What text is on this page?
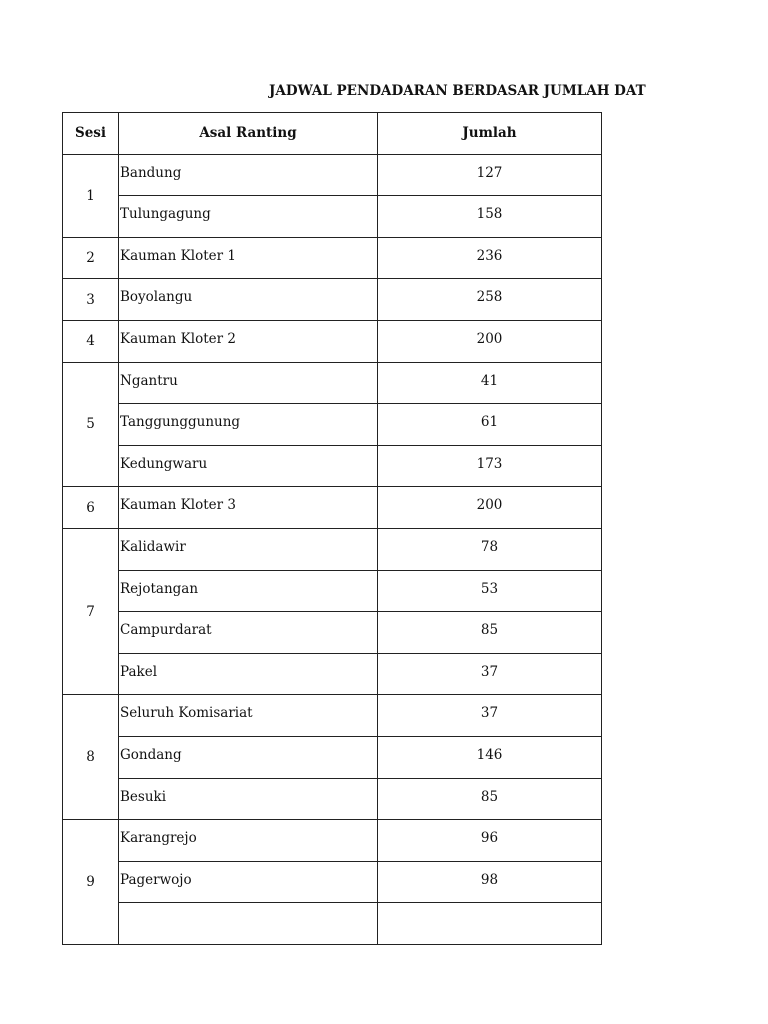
JADWAL PENDADARAN BERDASAR JUMLAH DAT
Sesi	Asal Ranting	Jumlah
1	Bandung	127
	Tulungagung	158
2	Kauman Kloter 1	236
3	Boyolangu	258
4	Kauman Kloter 2	200
5	Ngantru	41
	Tanggunggunung	61
	Kedungwaru	173
6	Kauman Kloter 3	200
7	Kalidawir	78
	Rejotangan	53
	Campurdarat	85
	Pakel	37
8	Seluruh Komisariat	37
	Gondang	146
	Besuki	85
9	Karangrejo	96
	Pagerwojo	98
